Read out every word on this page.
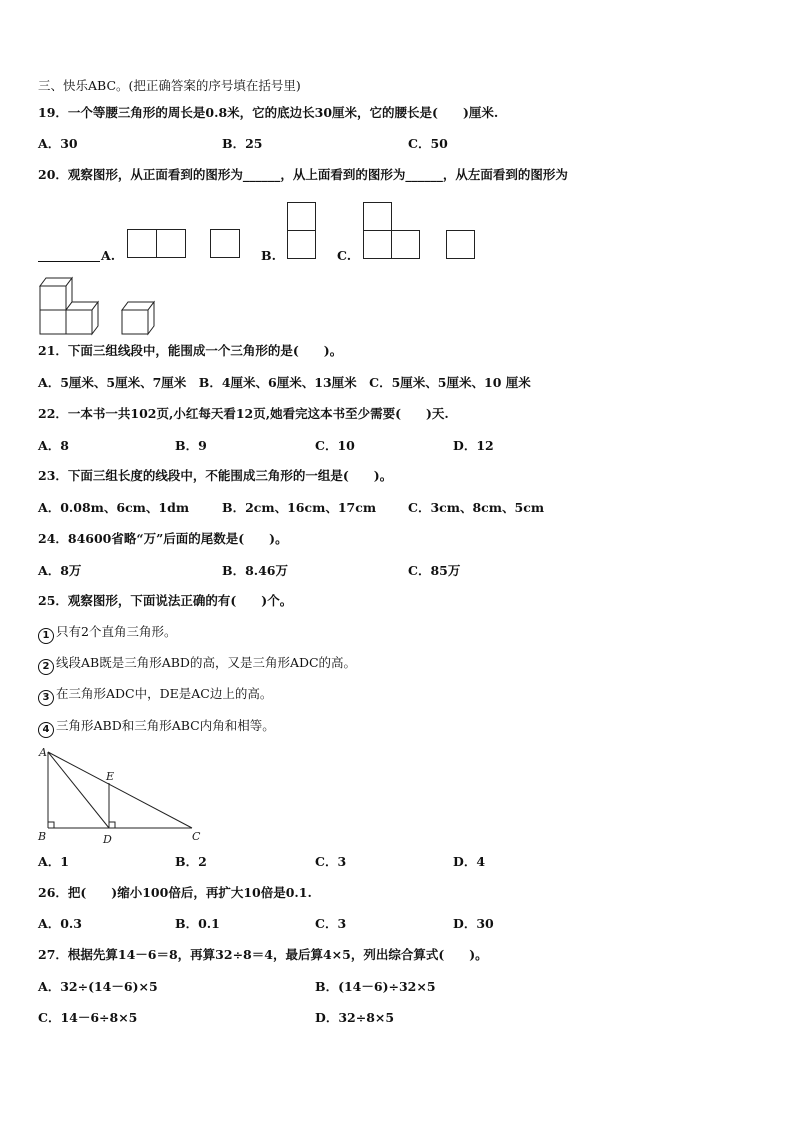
三、快乐ABC。(把正确答案的序号填在括号里)
19．一个等腰三角形的周长是0.8米，它的底边长30厘米，它的腰长是(　　)厘米.
A．30	B．25	C．50
20．观察图形，从正面看到的图形为______，从上面看到的图形为______，从左面看到的图形为
A.	B.	C.
21．下面三组线段中，能围成一个三角形的是(　　)。
A．5厘米、5厘米、7厘米　B．4厘米、6厘米、13厘米　C．5厘米、5厘米、10 厘米
22．一本书一共102页,小红每天看12页,她看完这本书至少需要(　　)天.
A．8	B．9	C．10	D．12
23．下面三组长度的线段中，不能围成三角形的一组是(　　)。
A．0.08m、6cm、1dm	B．2cm、16cm、17cm	C．3cm、8cm、5cm
24．84600省略“万”后面的尾数是(　　)。
A．8万	B．8.46万	C．85万
25．观察图形，下面说法正确的有(　　)个。
1 只有2个直角三角形。
2 线段AB既是三角形ABD的高，又是三角形ADC的高。
3 在三角形ADC中，DE是AC边上的高。
4 三角形ABD和三角形ABC内角和相等。
A
B	C
D
E
A．1	B．2	C．3	D．4
26．把(　　)缩小100倍后，再扩大10倍是0.1.
A．0.3	B．0.1	C．3	D．30
27．根据先算14－6＝8，再算32÷8＝4，最后算4×5，列出综合算式(　　)。
A．32÷(14－6)×5	B．(14－6)÷32×5
C．14－6÷8×5	D．32÷8×5
